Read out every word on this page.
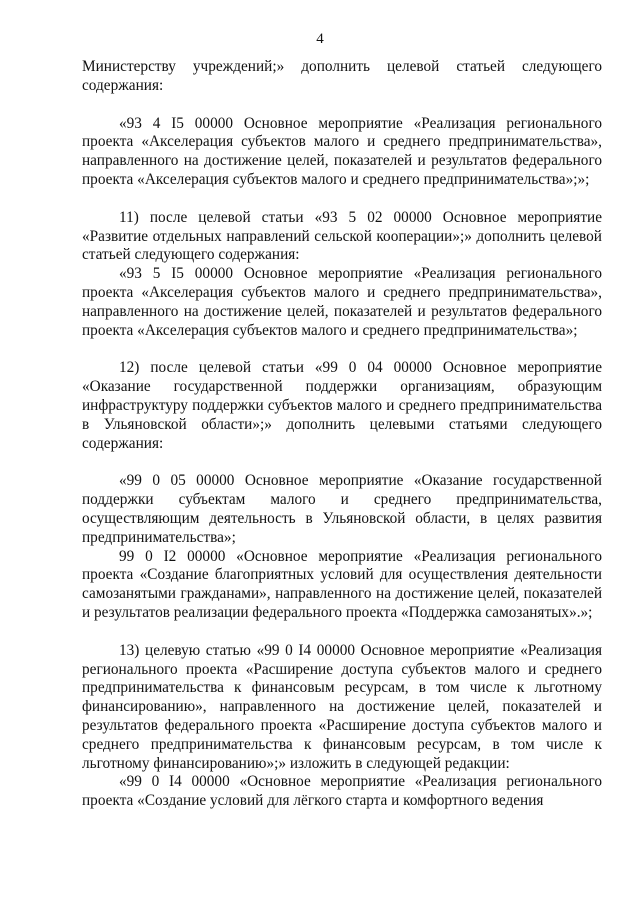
4

Министерству учреждений;» дополнить целевой статьей следующего содержания:

«93 4 I5 00000 Основное мероприятие «Реализация регионального проекта «Акселерация субъектов малого и среднего предпринимательства», направленного на достижение целей, показателей и результатов федерального проекта «Акселерация субъектов малого и среднего предпринимательства»;»;

11) после целевой статьи «93 5 02 00000 Основное мероприятие «Развитие отдельных направлений сельской кооперации»;» дополнить целевой статьей следующего содержания:

«93 5 I5 00000 Основное мероприятие «Реализация регионального проекта «Акселерация субъектов малого и среднего предпринимательства», направленного на достижение целей, показателей и результатов федерального проекта «Акселерация субъектов малого и среднего предпринимательства»;

12) после целевой статьи «99 0 04 00000 Основное мероприятие «Оказание государственной поддержки организациям, образующим инфраструктуру поддержки субъектов малого и среднего предпринимательства в Ульяновской области»;» дополнить целевыми статьями следующего содержания:

«99 0 05 00000 Основное мероприятие «Оказание государственной поддержки субъектам малого и среднего предпринимательства, осуществляющим деятельность в Ульяновской области, в целях развития предпринимательства»;

99 0 I2 00000 «Основное мероприятие «Реализация регионального проекта «Создание благоприятных условий для осуществления деятельности самозанятыми гражданами», направленного на достижение целей, показателей и результатов реализации федерального проекта «Поддержка самозанятых».»;

13) целевую статью «99 0 I4 00000 Основное мероприятие «Реализация регионального проекта «Расширение доступа субъектов малого и среднего предпринимательства к финансовым ресурсам, в том числе к льготному финансированию», направленного на достижение целей, показателей и результатов федерального проекта «Расширение доступа субъектов малого и среднего предпринимательства к финансовым ресурсам, в том числе к льготному финансированию»;» изложить в следующей редакции:

«99 0 I4 00000 «Основное мероприятие «Реализация регионального проекта «Создание условий для лёгкого старта и комфортного ведения
